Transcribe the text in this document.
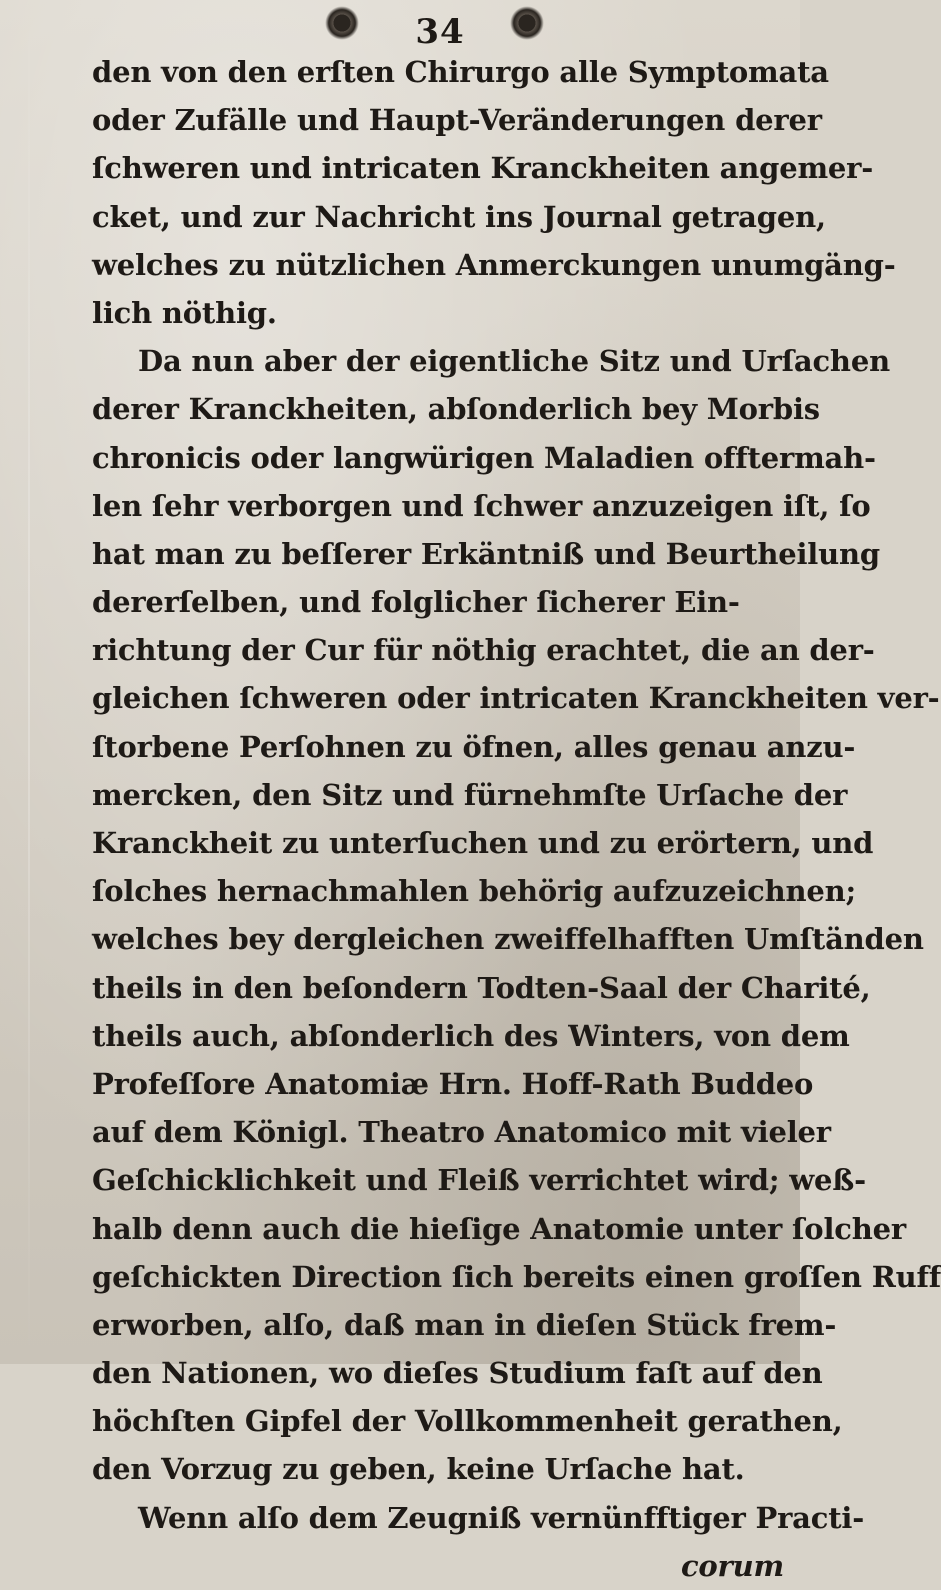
34
den von den erſten Chirurgo alle Symptomata
oder Zufälle und Haupt-Veränderungen derer
ſchweren und intricaten Kranckheiten angemer-
cket, und zur Nachricht ins Journal getragen,
welches zu nützlichen Anmerckungen unumgäng-
lich nöthig.
Da nun aber der eigentliche Sitz und Urſachen
derer Kranckheiten, abſonderlich bey Morbis
chronicis oder langwürigen Maladien offtermah-
len ſehr verborgen und ſchwer anzuzeigen iſt, ſo
hat man zu beſſerer Erkäntniß und Beurtheilung
dererſelben, und folglicher ſicherer Ein-
richtung der Cur für nöthig erachtet, die an der-
gleichen ſchweren oder intricaten Kranckheiten ver-
ſtorbene Perſohnen zu öfnen, alles genau anzu-
mercken, den Sitz und fürnehmſte Urſache der
Kranckheit zu unterſuchen und zu erörtern, und
ſolches hernachmahlen behörig aufzuzeichnen;
welches bey dergleichen zweiffelhafften Umſtänden
theils in den beſondern Todten-Saal der Charité,
theils auch, abſonderlich des Winters, von dem
Profeſſore Anatomiæ Hrn. Hoff-Rath Buddeo
auf dem Königl. Theatro Anatomico mit vieler
Geſchicklichkeit und Fleiß verrichtet wird; weß-
halb denn auch die hieſige Anatomie unter ſolcher
geſchickten Direction ſich bereits einen groſſen Ruff
erworben, alſo, daß man in dieſen Stück frem-
den Nationen, wo dieſes Studium faſt auf den
höchſten Gipfel der Vollkommenheit gerathen,
den Vorzug zu geben, keine Urſache hat.
Wenn alſo dem Zeugniß vernünfftiger Practi-
corum
